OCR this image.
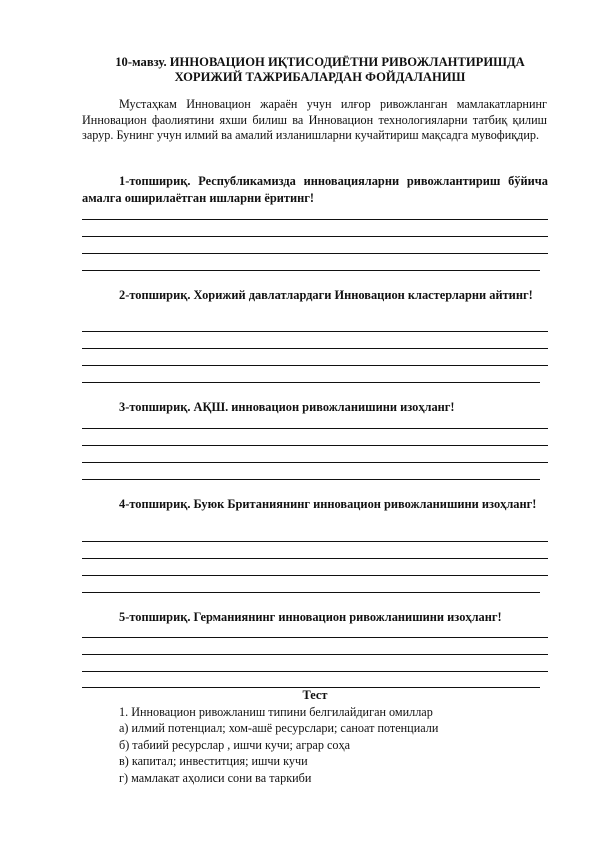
10-мавзу. ИННОВАЦИОН ИҚТИСОДИЁТНИ РИВОЖЛАНТИРИШДА
ХОРИЖИЙ ТАЖРИБАЛАРДАН ФОЙДАЛАНИШ
Мустаҳкам Инновацион жараён учун илғор ривожланган мамлакатларнинг Инновацион фаолиятини яхши билиш ва Инновацион технологияларни татбиқ қилиш зарур. Бунинг учун илмий ва амалий изланишларни кучайтириш мақсадга мувофиқдир.
1-топшириқ. Республикамизда инновацияларни ривожлантириш бўйича амалга оширилаётган ишларни ёритинг!
2-топшириқ. Хорижий давлатлардаги Инновацион кластерларни айтинг!
3-топшириқ. АҚШ. инновацион ривожланишини изоҳланг!
4-топшириқ. Буюк Британиянинг инновацион ривожланишини изоҳланг!
5-топшириқ. Германиянинг инновацион ривожланишини изоҳланг!
Тест
1. Инновацион ривожланиш типини белгилайдиган омиллар
а) илмий потенциал; хом-ашё ресурслари; саноат потенциали
б) табиий ресурслар , ишчи кучи; аграр соҳа
в) капитал; инвеститция; ишчи кучи
г) мамлакат аҳолиси сони ва таркиби
